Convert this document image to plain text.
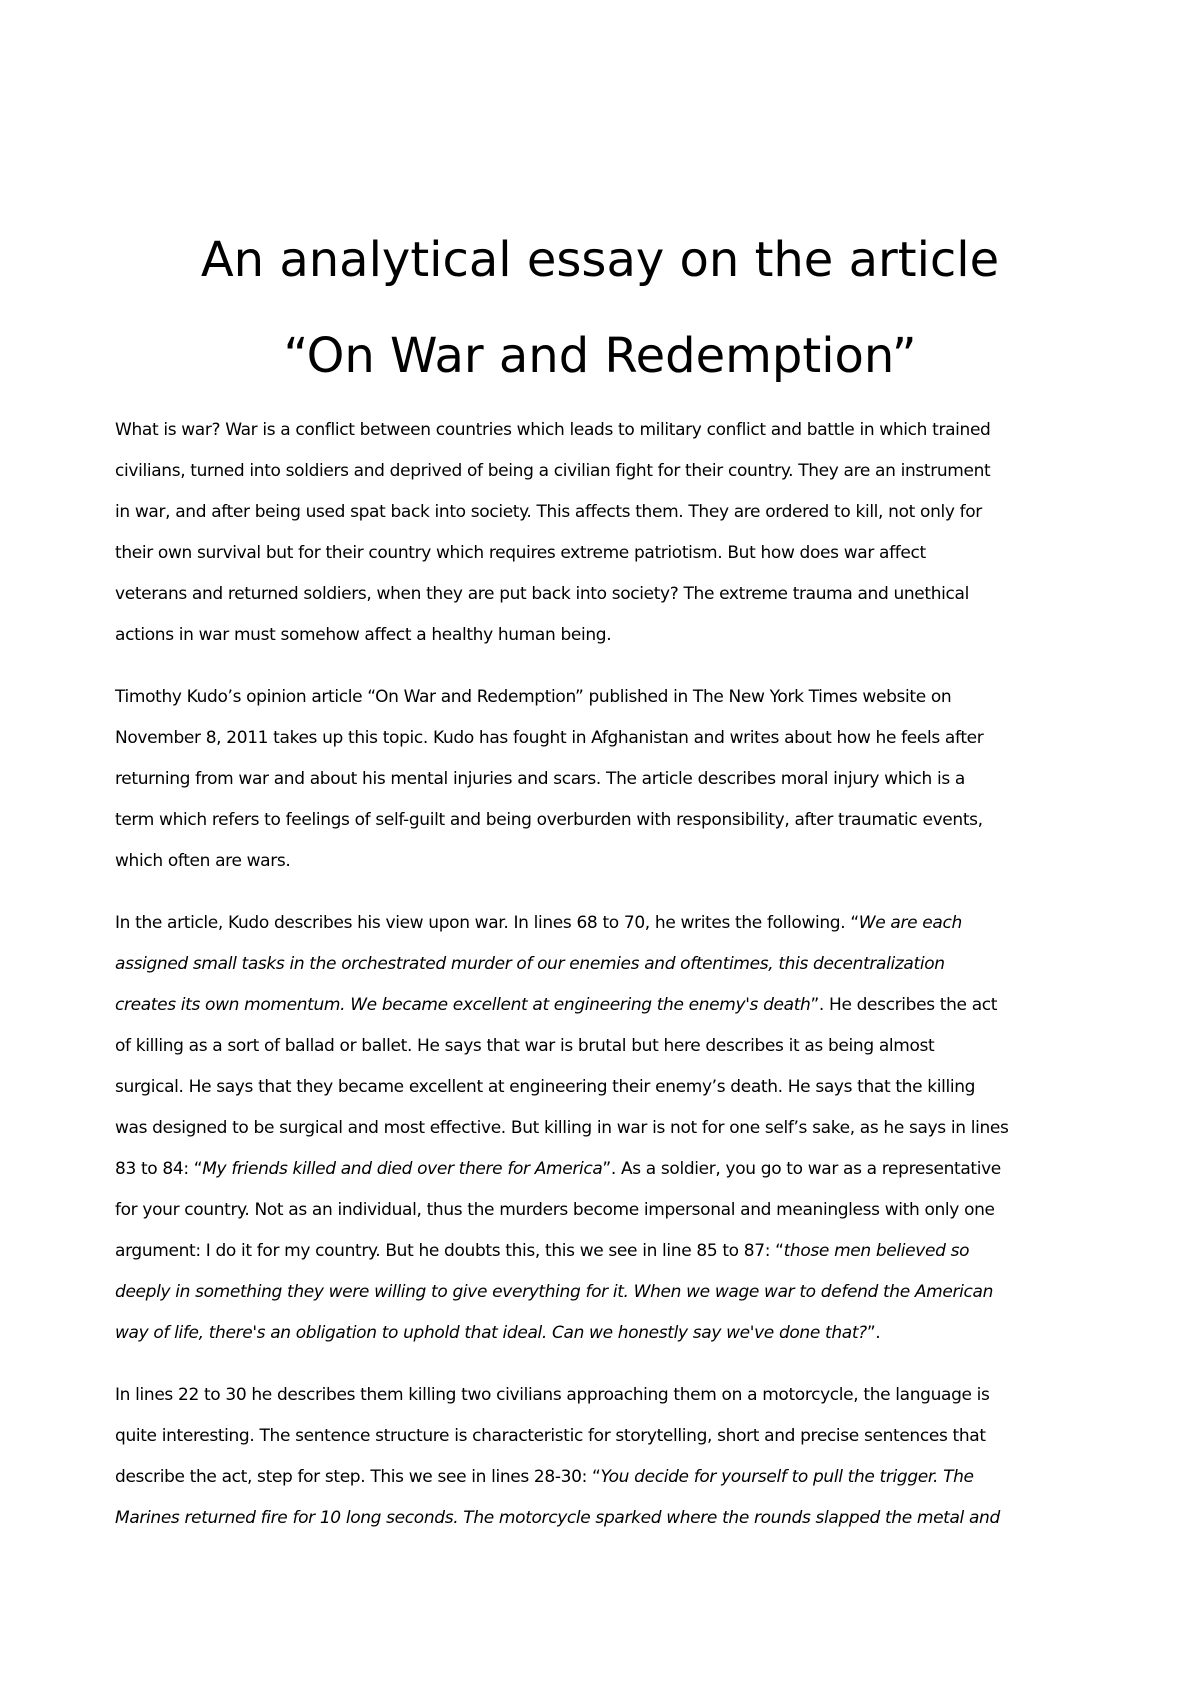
An analytical essay on the article
“On War and Redemption”
What is war? War is a conflict between countries which leads to military conflict and battle in which trained
civilians, turned into soldiers and deprived of being a civilian fight for their country. They are an instrument
in war, and after being used spat back into society. This affects them. They are ordered to kill, not only for
their own survival but for their country which requires extreme patriotism. But how does war affect
veterans and returned soldiers, when they are put back into society? The extreme trauma and unethical
actions in war must somehow affect a healthy human being.
Timothy Kudo’s opinion article “On War and Redemption” published in The New York Times website on
November 8, 2011 takes up this topic. Kudo has fought in Afghanistan and writes about how he feels after
returning from war and about his mental injuries and scars. The article describes moral injury which is a
term which refers to feelings of self-guilt and being overburden with responsibility, after traumatic events,
which often are wars.
In the article, Kudo describes his view upon war. In lines 68 to 70, he writes the following. “We are each
assigned small tasks in the orchestrated murder of our enemies and oftentimes, this decentralization
creates its own momentum. We became excellent at engineering the enemy's death”. He describes the act
of killing as a sort of ballad or ballet. He says that war is brutal but here describes it as being almost
surgical. He says that they became excellent at engineering their enemy’s death. He says that the killing
was designed to be surgical and most effective. But killing in war is not for one self’s sake, as he says in lines
83 to 84: “My friends killed and died over there for America”. As a soldier, you go to war as a representative
for your country. Not as an individual, thus the murders become impersonal and meaningless with only one
argument: I do it for my country. But he doubts this, this we see in line 85 to 87: “those men believed so
deeply in something they were willing to give everything for it. When we wage war to defend the American
way of life, there's an obligation to uphold that ideal. Can we honestly say we've done that?”.
In lines 22 to 30 he describes them killing two civilians approaching them on a motorcycle, the language is
quite interesting. The sentence structure is characteristic for storytelling, short and precise sentences that
describe the act, step for step. This we see in lines 28-30: “You decide for yourself to pull the trigger. The
Marines returned fire for 10 long seconds. The motorcycle sparked where the rounds slapped the metal and
